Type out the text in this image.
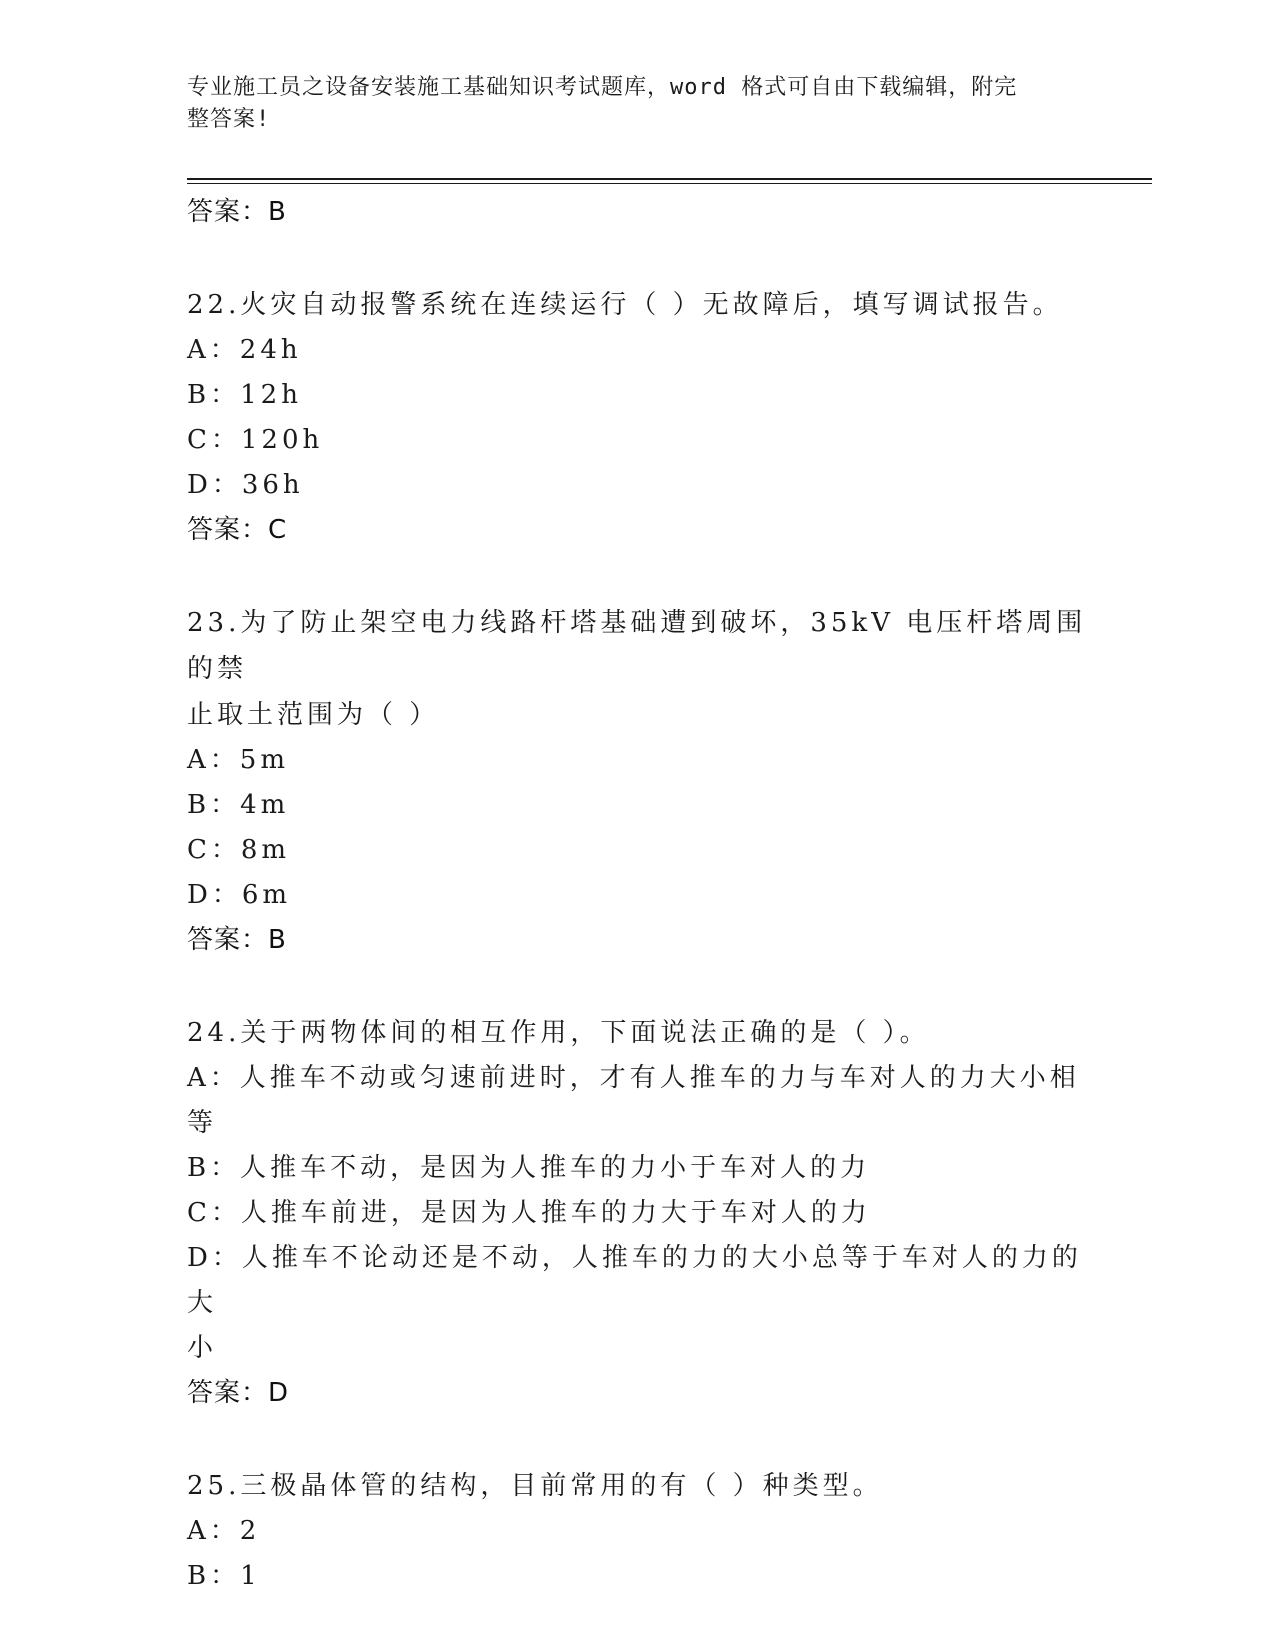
专业施工员之设备安装施工基础知识考试题库，word 格式可自由下载编辑，附完
整答案!
答案：B
22.火灾自动报警系统在连续运行（ ）无故障后，填写调试报告。
A：24h
B：12h
C：120h
D：36h
答案：C
23.为了防止架空电力线路杆塔基础遭到破坏，35kV 电压杆塔周围的禁
止取土范围为（ ）
A：5m
B：4m
C：8m
D：6m
答案：B
24.关于两物体间的相互作用，下面说法正确的是（ ）。
A：人推车不动或匀速前进时，才有人推车的力与车对人的力大小相等
B：人推车不动，是因为人推车的力小于车对人的力
C：人推车前进，是因为人推车的力大于车对人的力
D：人推车不论动还是不动，人推车的力的大小总等于车对人的力的大
小
答案：D
25.三极晶体管的结构，目前常用的有（ ）种类型。
A：2
B：1
